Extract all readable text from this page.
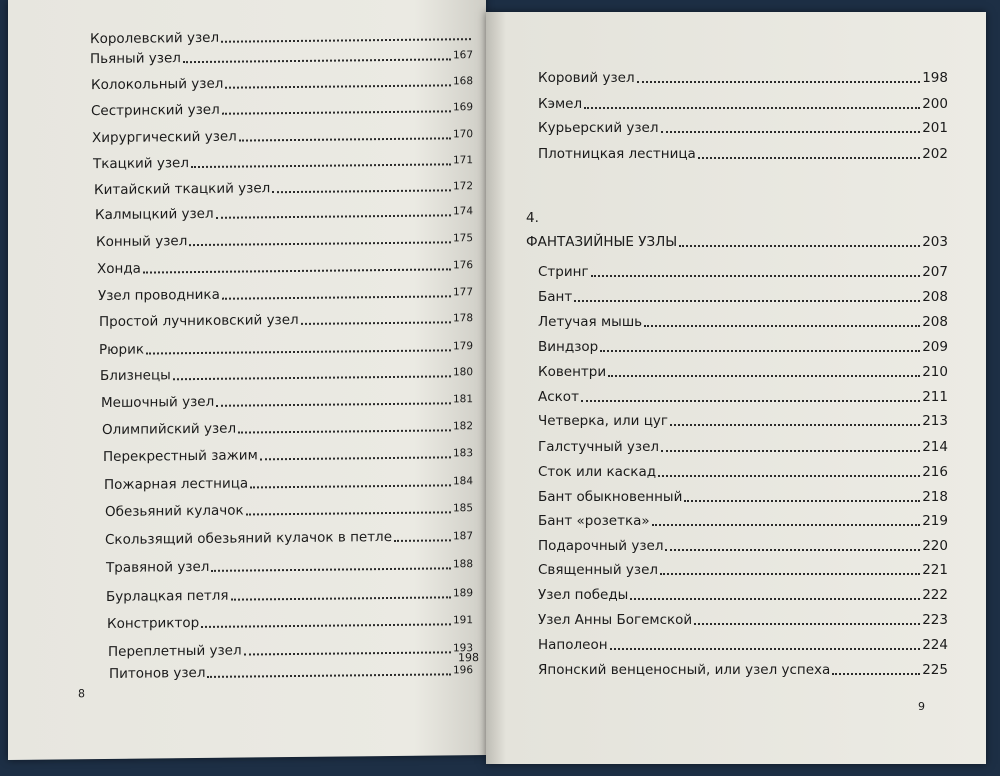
Королевский узел
Пьяный узел	167
Колокольный узел	168
Сестринский узел	169
Хирургический узел	170
Ткацкий узел	171
Китайский ткацкий узел	172
Калмыцкий узел	174
Конный узел	175
Хонда	176
Узел проводника	177
Простой лучниковский узел	178
Рюрик	179
Близнецы	180
Мешочный узел	181
Олимпийский узел	182
Перекрестный зажим	183
Пожарная лестница	184
Обезьяний кулачок	185
Скользящий обезьяний кулачок в петле	187
Травяной узел	188
Бурлацкая петля	189
Констриктор	191
Переплетный узел	193
Питонов узел	196
198
8
Коровий узел	198
Кэмел	200
Курьерский узел	201
Плотницкая лестница	202
4.
ФАНТАЗИЙНЫЕ УЗЛЫ	203
Стринг	207
Бант	208
Летучая мышь	208
Виндзор	209
Ковентри	210
Аскот	211
Четверка, или цуг	213
Галстучный узел	214
Сток или каскад	216
Бант обыкновенный	218
Бант «розетка»	219
Подарочный узел	220
Священный узел	221
Узел победы	222
Узел Анны Богемской	223
Наполеон	224
Японский венценосный, или узел успеха	225
9
